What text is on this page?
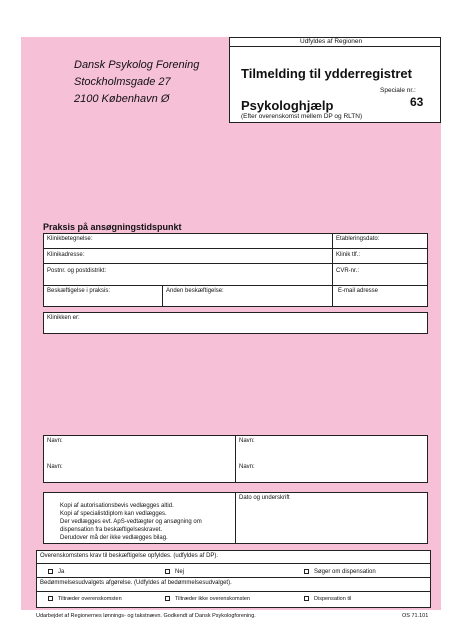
Udfyldes af Regionen
Dansk Psykolog Forening
Stockholmsgade 27
2100 København Ø
Tilmelding til ydderregistret
Speciale nr.:
63
Psykologhjælp
(Efter overenskomst mellem DP og RLTN)
Praksis på ansøgningstidspunkt
Klinikbetegnelse:	Etableringsdato:
Klinikadresse:	Klinik tlf.:
Postnr. og postdistrikt:	CVR-nr.:
Beskæftigelse i praksis:	Anden beskæftigelse:	E-mail adresse
Klinikken er:
Navn:	Navn:
Navn:	Navn:
Kopi af autorisationsbevis vedlægges altid.
Kopi af specialistdiplom kan vedlægges.
Der vedlægges evt. ApS-vedtægter og ansøgning om
dispensation fra beskæftigelseskravet.
Derudover må der ikke vedlægges bilag.
Dato og underskrift
Overenskomstens krav til beskæftigelse opfyldes. (udfyldes af DP).
Ja	Nej	Søger om dispensation
Bedømmelsesudvalgets afgørelse. (Udfyldes af bedømmelsesudvalget).
Tiltræder overenskomsten	Tiltræder ikke overenskomsten	Dispensation til
Udarbejdet af Regionernes lønnings- og takstnævn. Godkendt af Dansk Psykologforening.	OS 71.101
